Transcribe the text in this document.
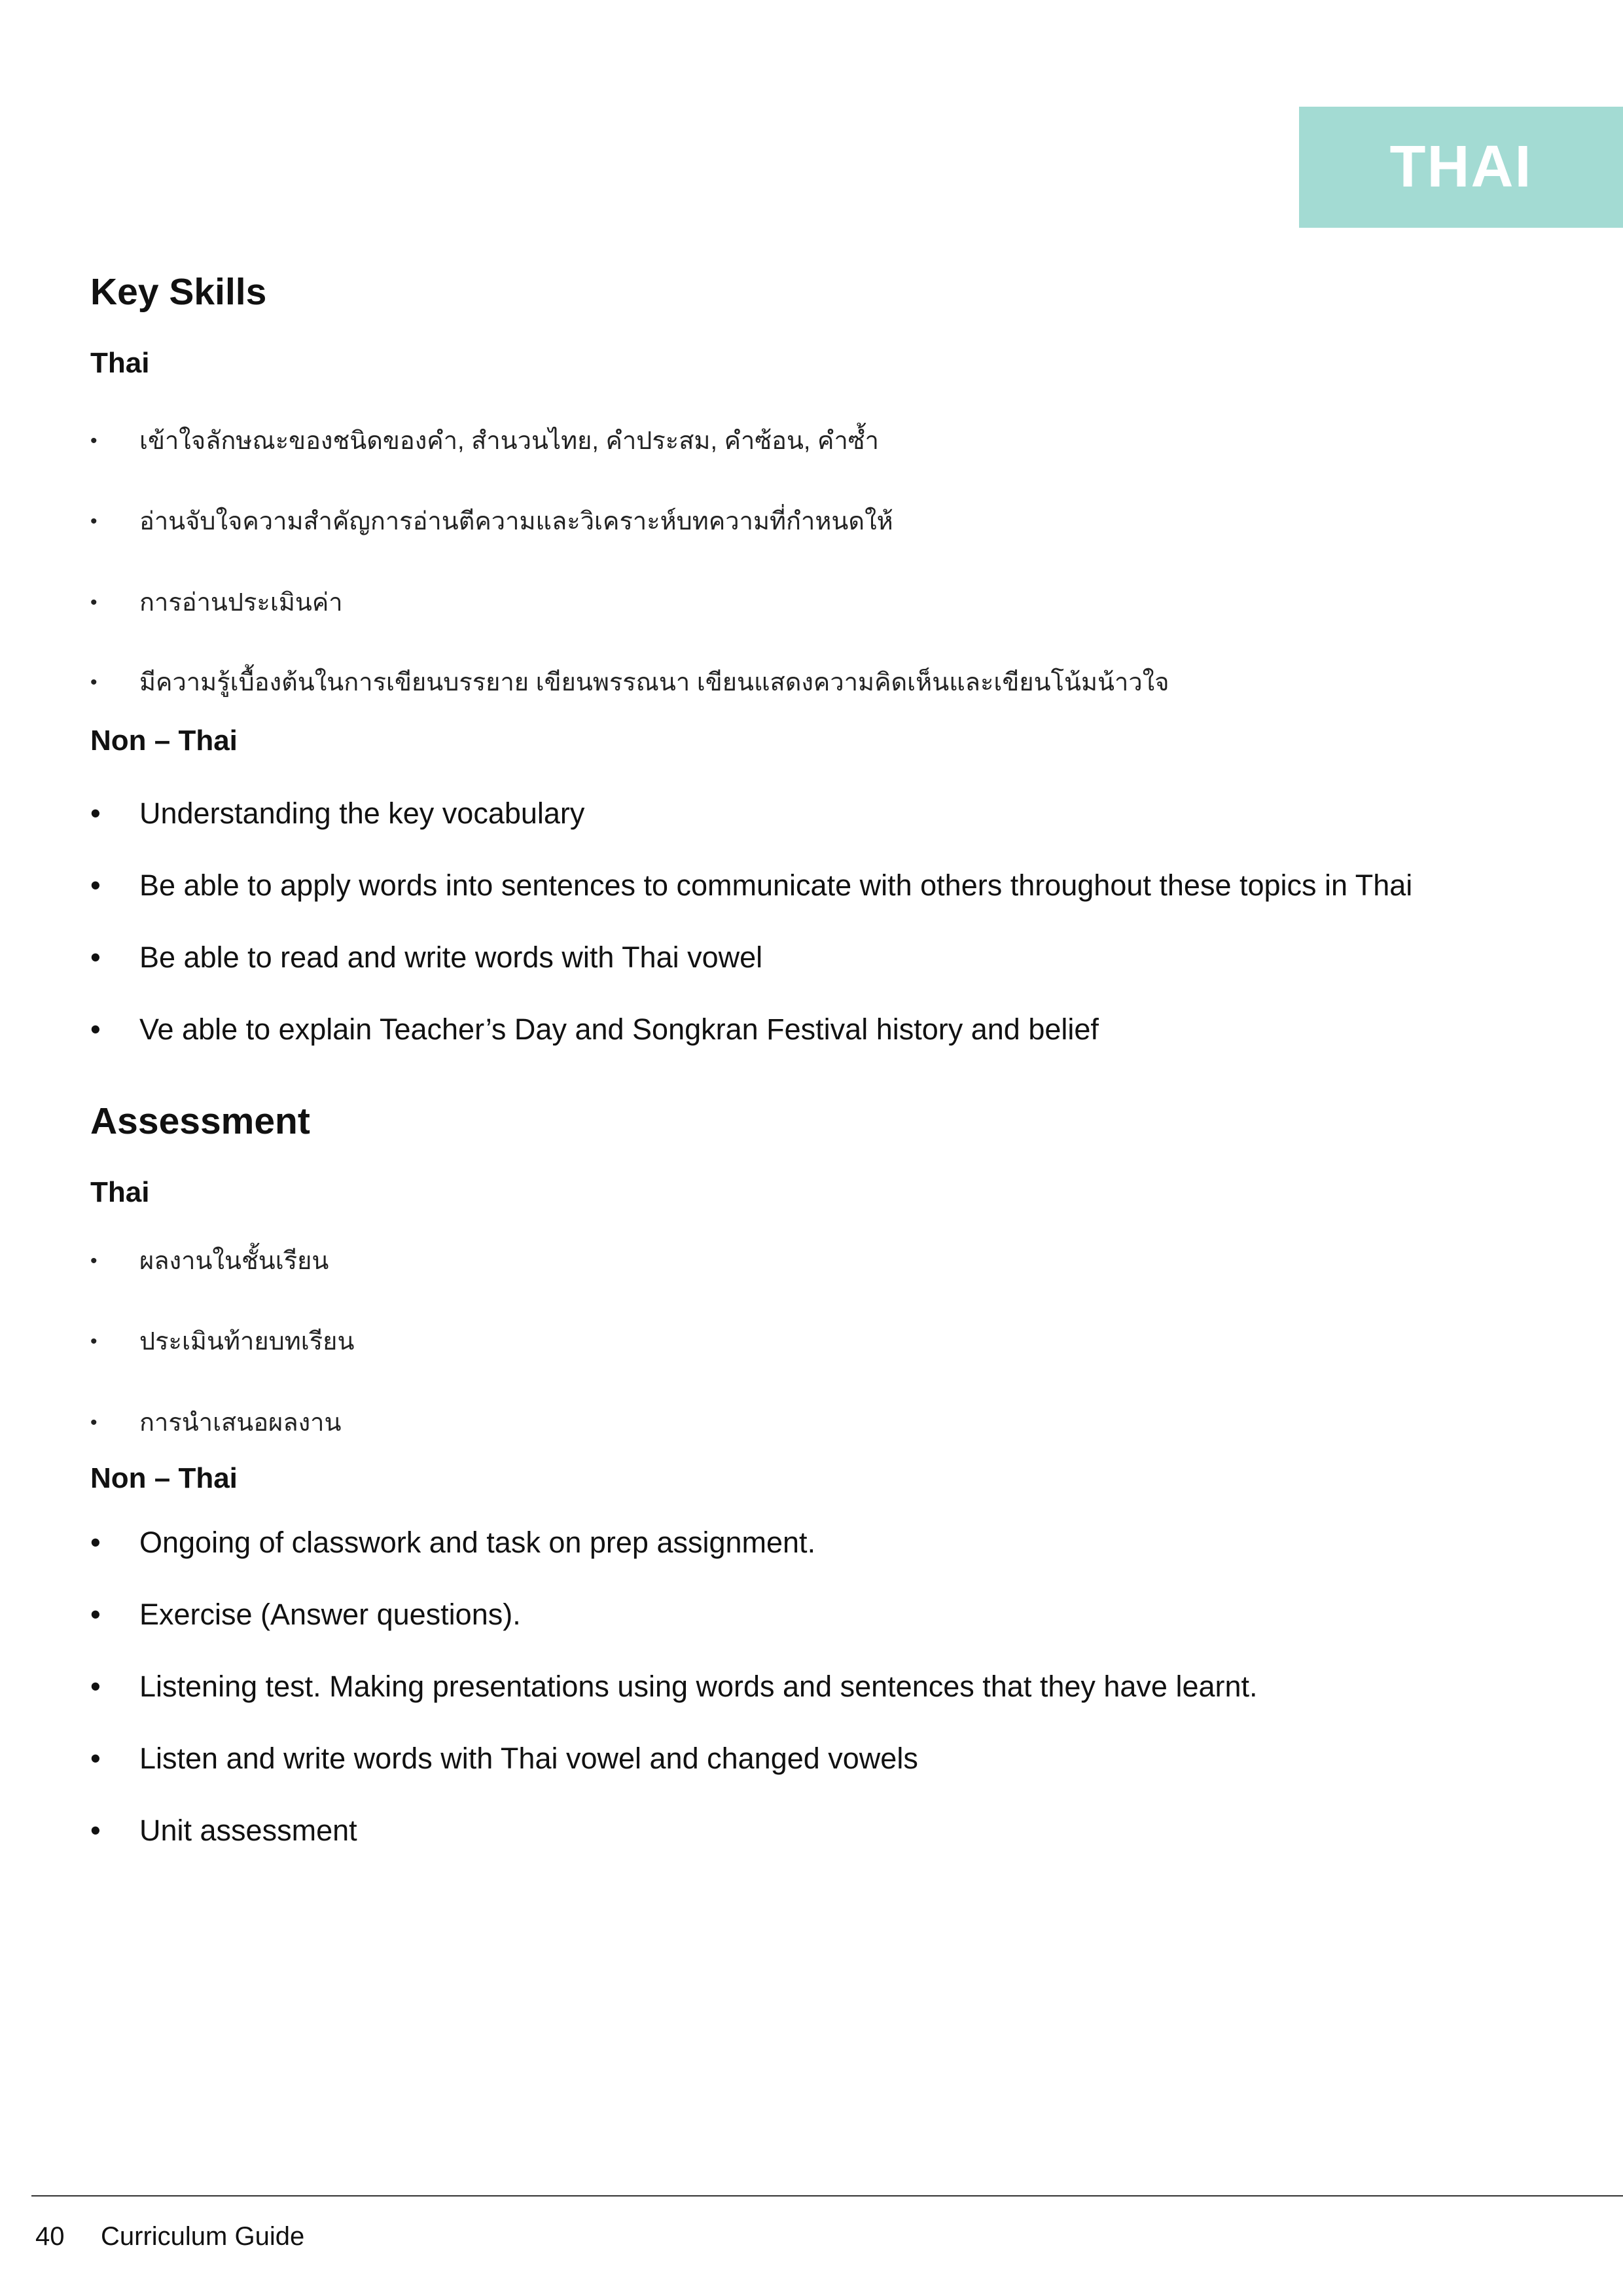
THAI
Key Skills
Thai
• เข้าใจลักษณะของชนิดของคำ, สำนวนไทย, คำประสม, คำซ้อน, คำซ้ำ
• อ่านจับใจความสำคัญการอ่านตีความและวิเคราะห์บทความที่กำหนดให้
• การอ่านประเมินค่า
• มีความรู้เบื้องต้นในการเขียนบรรยาย เขียนพรรณนา เขียนแสดงความคิดเห็นและเขียนโน้มน้าวใจ
Non – Thai
• Understanding the key vocabulary
• Be able to apply words into sentences to communicate with others throughout these topics in Thai
• Be able to read and write words with Thai vowel
• Ve able to explain Teacher’s Day and Songkran Festival history and belief
Assessment
Thai
• ผลงานในชั้นเรียน
• ประเมินท้ายบทเรียน
• การนำเสนอผลงาน
Non – Thai
• Ongoing of classwork and task on prep assignment.
• Exercise (Answer questions).
• Listening test. Making presentations using words and sentences that they have learnt.
• Listen and write words with Thai vowel and changed vowels
• Unit assessment
40 Curriculum Guide
